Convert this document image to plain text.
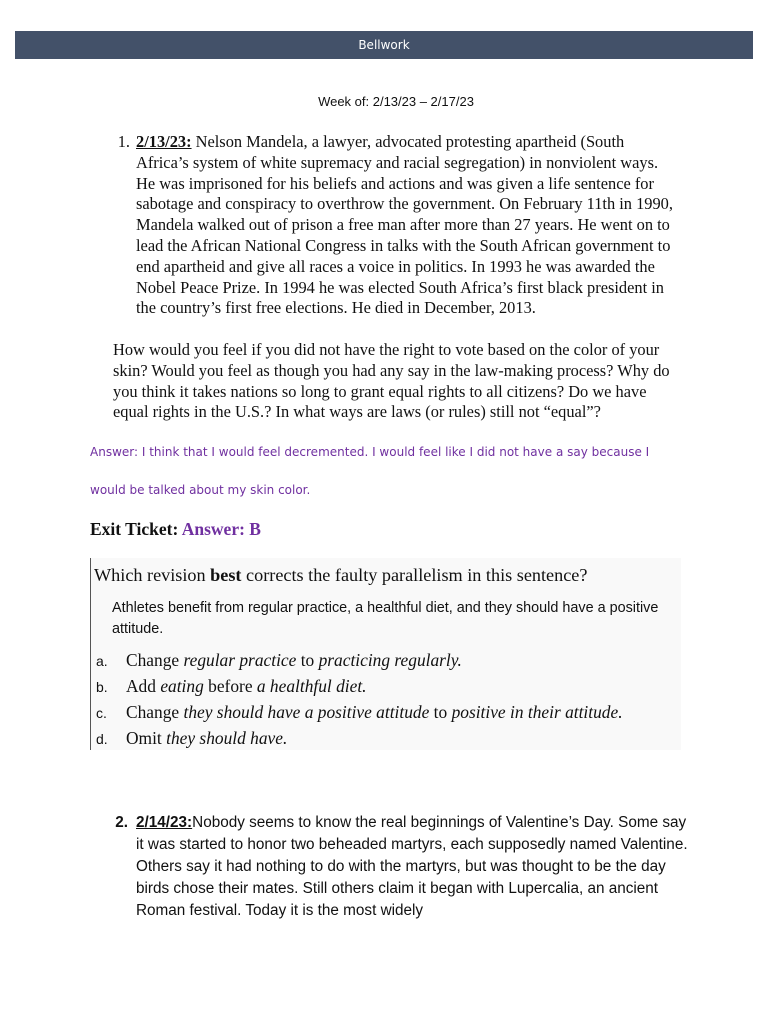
Bellwork
Week of: 2/13/23 – 2/17/23
1. 2/13/23: Nelson Mandela, a lawyer, advocated protesting apartheid (South Africa’s system of white supremacy and racial segregation) in nonviolent ways. He was imprisoned for his beliefs and actions and was given a life sentence for sabotage and conspiracy to overthrow the government. On February 11th in 1990, Mandela walked out of prison a free man after more than 27 years. He went on to lead the African National Congress in talks with the South African government to end apartheid and give all races a voice in politics. In 1993 he was awarded the Nobel Peace Prize. In 1994 he was elected South Africa’s first black president in the country’s first free elections. He died in December, 2013.
How would you feel if you did not have the right to vote based on the color of your skin? Would you feel as though you had any say in the law-making process? Why do you think it takes nations so long to grant equal rights to all citizens? Do we have equal rights in the U.S.? In what ways are laws (or rules) still not “equal”?
Answer: I think that I would feel decremented. I would feel like I did not have a say because I
would be talked about my skin color.
Exit Ticket: Answer: B
Which revision best corrects the faulty parallelism in this sentence?
Athletes benefit from regular practice, a healthful diet, and they should have a positive attitude.
a. Change regular practice to practicing regularly.
b. Add eating before a healthful diet.
c. Change they should have a positive attitude to positive in their attitude.
d. Omit they should have.
2. 2/14/23:Nobody seems to know the real beginnings of Valentine’s Day. Some say it was started to honor two beheaded martyrs, each supposedly named Valentine. Others say it had nothing to do with the martyrs, but was thought to be the day birds chose their mates. Still others claim it began with Lupercalia, an ancient Roman festival. Today it is the most widely
